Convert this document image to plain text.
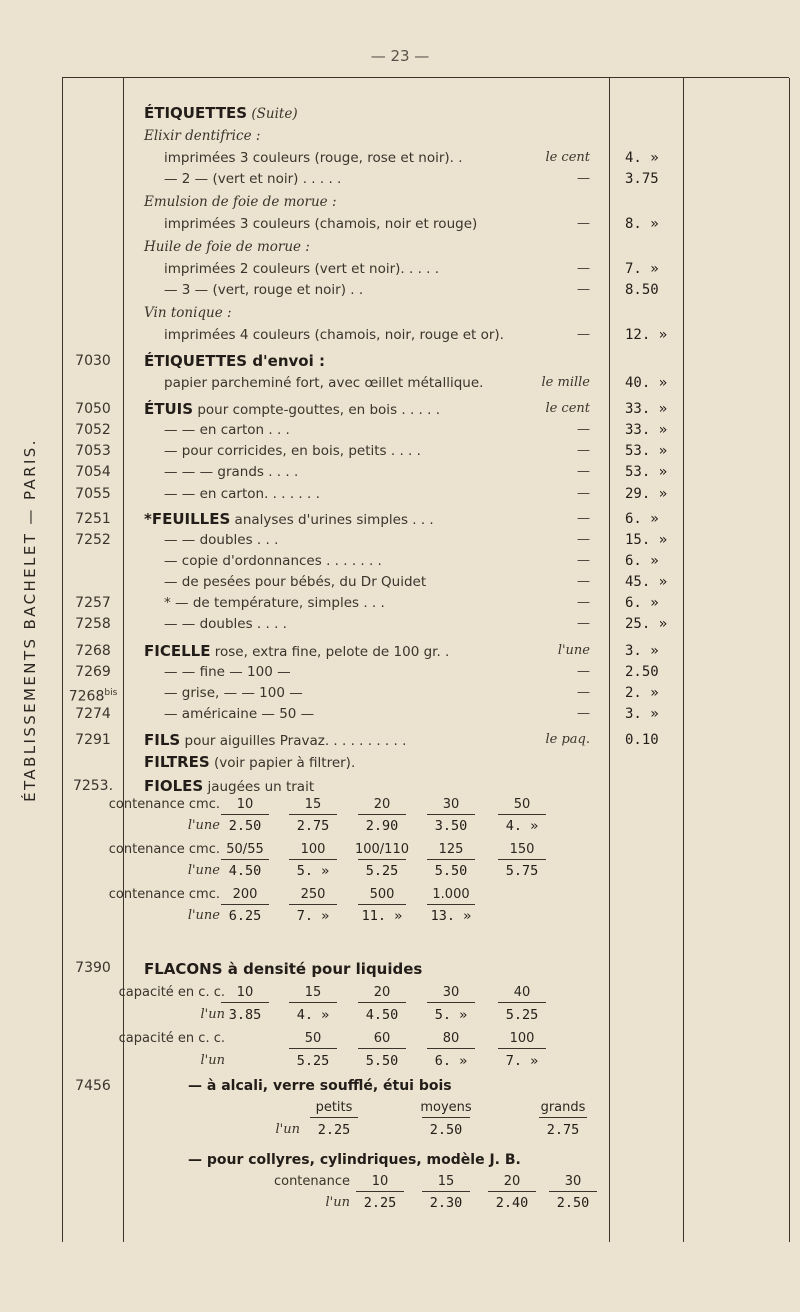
— 23 —
ÉTABLISSEMENTS BACHELET — PARIS.
ÉTIQUETTES (Suite)
Elixir dentifrice :
imprimées 3 couleurs (rouge, rose et noir). .	le cent	4. »
— 2 — (vert et noir) . . . . .	—	3.75
Emulsion de foie de morue :
imprimées 3 couleurs (chamois, noir et rouge)	—	8. »
Huile de foie de morue :
imprimées 2 couleurs (vert et noir). . . . .	—	7. »
— 3 — (vert, rouge et noir) . .	—	8.50
Vin tonique :
imprimées 4 couleurs (chamois, noir, rouge et or).	—	12. »
7030	ÉTIQUETTES d'envoi :
papier parcheminé fort, avec œillet métallique.	le mille	40. »
7050	ÉTUIS pour compte-gouttes, en bois . . . . .	le cent	33. »
7052	— — en carton . . .	—	33. »
7053	— pour corricides, en bois, petits . . . .	—	53. »
7054	— — — grands . . . .	—	53. »
7055	— — en carton. . . . . . .	—	29. »
7251	*FEUILLES analyses d'urines simples . . .	—	6. »
7252	— — doubles . . .	—	15. »
— copie d'ordonnances . . . . . . .	—	6. »
— de pesées pour bébés, du Dr Quidet	—	45. »
7257	* — de température, simples . . .	—	6. »
7258	— — doubles . . . .	—	25. »
7268	FICELLE rose, extra fine, pelote de 100 gr. .	l'une	3. »
7269	— — fine — 100 —	—	2.50
$7268^{bis}$	— grise, — — 100 —	—	2. »
7274	— américaine — 50 —	—	3. »
7291	FILS pour aiguilles Pravaz. . . . . . . . . .	le paq.	0.10
FILTRES (voir papier à filtrer).
7253.	FIOLES jaugées un trait
contenance cmc.	10	15	20	30	50
l'une 2.50	2.75	2.90	3.50	4. »
contenance cmc. 50/55	100	100/110	125	150
l'une 4.50	5. »	5.25	5.50	5.75
contenance cmc. 200	250	500	1.000
l'une 6.25	7. »	11. »	13. »
7390	FLACONS à densité pour liquides
capacité en c. c. 10	15	20	30	40
l'un 3.85	4. »	4.50	5. »	5.25
capacité en c. c.	50	60	80	100
l'un	5.25	5.50	6. »	7. »
7456	— à alcali, verre soufflé, étui bois
petits	moyens	grands
l'un	2.25	2.50	2.75
— pour collyres, cylindriques, modèle J. B.
contenance	10	15	20	30
l'un	2.25	2.30	2.40	2.50
